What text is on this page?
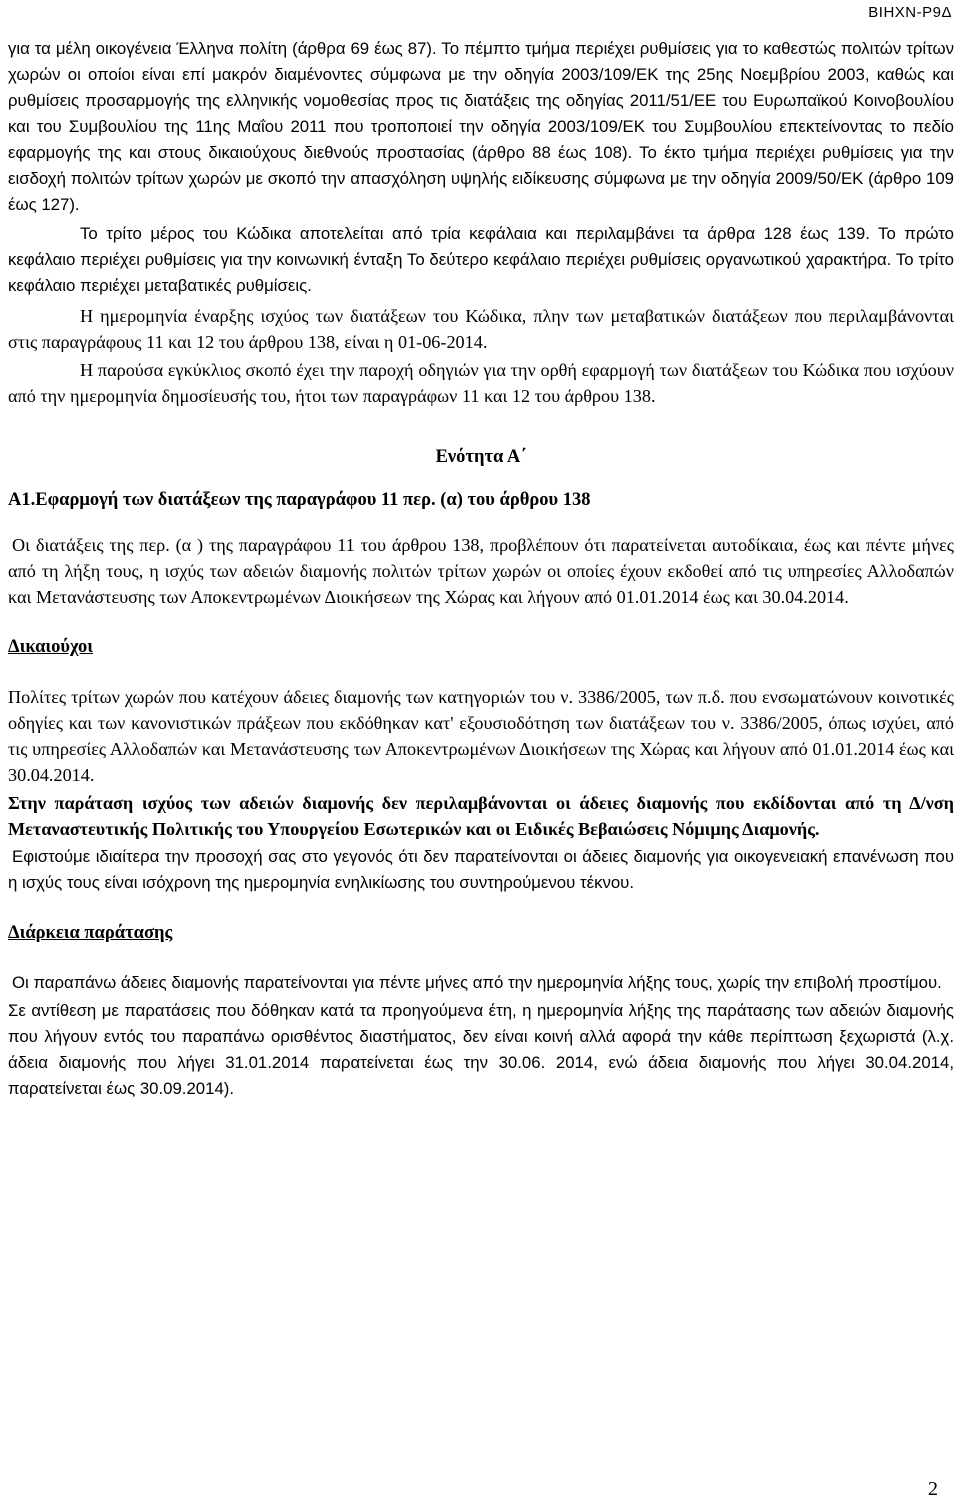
ΒΙΗΧΝ-Ρ9Δ

για τα μέλη οικογένεια Έλληνα πολίτη (άρθρα 69 έως 87). Το πέμπτο τμήμα περιέχει ρυθμίσεις για το καθεστώς πολιτών τρίτων χωρών οι οποίοι είναι επί μακρόν διαμένοντες σύμφωνα με την οδηγία 2003/109/ΕΚ της 25ης Νοεμβρίου 2003, καθώς και ρυθμίσεις προσαρμογής της ελληνικής νομοθεσίας προς τις διατάξεις της οδηγίας 2011/51/ΕΕ του Ευρωπαϊκού Κοινοβουλίου και του Συμβουλίου της 11ης Μαΐου 2011 που τροποποιεί την οδηγία 2003/109/ΕΚ του Συμβουλίου επεκτείνοντας το πεδίο εφαρμογής της και στους δικαιούχους διεθνούς προστασίας (άρθρο 88 έως 108). Το έκτο τμήμα περιέχει ρυθμίσεις για την εισδοχή πολιτών τρίτων χωρών με σκοπό την απασχόληση υψηλής ειδίκευσης σύμφωνα με την οδηγία 2009/50/ΕΚ (άρθρο 109 έως 127).

Το τρίτο μέρος του Κώδικα αποτελείται από τρία κεφάλαια και περιλαμβάνει τα άρθρα 128 έως 139. Το πρώτο κεφάλαιο περιέχει ρυθμίσεις για την κοινωνική ένταξη Το δεύτερο κεφάλαιο περιέχει ρυθμίσεις οργανωτικού χαρακτήρα. Το τρίτο κεφάλαιο περιέχει μεταβατικές ρυθμίσεις.

Η ημερομηνία έναρξης ισχύος των διατάξεων του Κώδικα, πλην των μεταβατικών διατάξεων που περιλαμβάνονται στις παραγράφους 11 και 12 του άρθρου 138, είναι η 01-06-2014.

Η παρούσα εγκύκλιος σκοπό έχει την παροχή οδηγιών για την ορθή εφαρμογή των διατάξεων του Κώδικα που ισχύουν από την ημερομηνία δημοσίευσής του, ήτοι των παραγράφων 11 και 12 του άρθρου 138.

Ενότητα Α΄

Α1.Εφαρμογή των διατάξεων της παραγράφου 11 περ. (α) του άρθρου 138

Οι διατάξεις της περ. (α ) της παραγράφου 11 του άρθρου 138, προβλέπουν ότι παρατείνεται αυτοδίκαια, έως και πέντε μήνες από τη λήξη τους, η ισχύς των αδειών διαμονής πολιτών τρίτων χωρών οι οποίες έχουν εκδοθεί από τις υπηρεσίες Αλλοδαπών και Μετανάστευσης των Αποκεντρωμένων Διοικήσεων της Χώρας και λήγουν από 01.01.2014 έως και 30.04.2014.

Δικαιούχοι

Πολίτες τρίτων χωρών που κατέχουν άδειες διαμονής των κατηγοριών του ν. 3386/2005, των π.δ. που ενσωματώνουν κοινοτικές οδηγίες και των κανονιστικών πράξεων που εκδόθηκαν κατ' εξουσιοδότηση των διατάξεων του ν. 3386/2005, όπως ισχύει, από τις υπηρεσίες Αλλοδαπών και Μετανάστευσης των Αποκεντρωμένων Διοικήσεων της Χώρας και λήγουν από 01.01.2014 έως και 30.04.2014.

Στην παράταση ισχύος των αδειών διαμονής δεν περιλαμβάνονται οι άδειες διαμονής που εκδίδονται από τη Δ/νση Μεταναστευτικής Πολιτικής του Υπουργείου Εσωτερικών και οι Ειδικές Βεβαιώσεις Νόμιμης Διαμονής.

Εφιστούμε ιδιαίτερα την προσοχή σας στο γεγονός ότι δεν παρατείνονται οι άδειες διαμονής για οικογενειακή επανένωση που η ισχύς τους είναι ισόχρονη της ημερομηνία ενηλικίωσης του συντηρούμενου τέκνου.

Διάρκεια παράτασης

Οι παραπάνω άδειες διαμονής παρατείνονται για πέντε μήνες από την ημερομηνία λήξης τους, χωρίς την επιβολή προστίμου.

Σε αντίθεση με παρατάσεις που δόθηκαν κατά τα προηγούμενα έτη, η ημερομηνία λήξης της παράτασης των αδειών διαμονής που λήγουν εντός του παραπάνω ορισθέντος διαστήματος, δεν είναι κοινή αλλά αφορά την κάθε περίπτωση ξεχωριστά (λ.χ. άδεια διαμονής που λήγει 31.01.2014 παρατείνεται έως την 30.06. 2014, ενώ άδεια διαμονής που λήγει 30.04.2014, παρατείνεται έως 30.09.2014).

2
